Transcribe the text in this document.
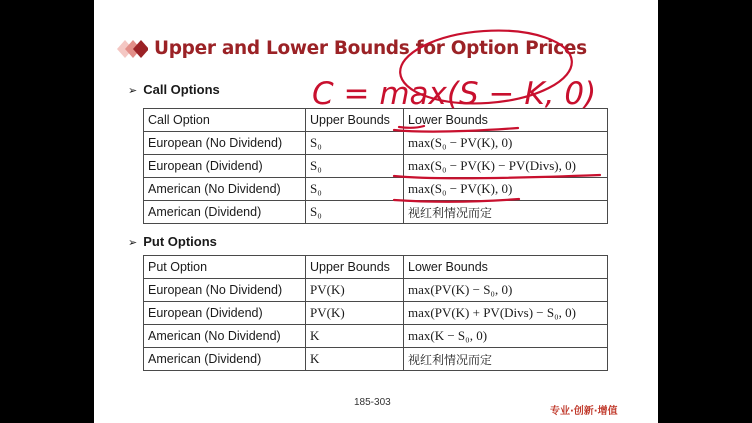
Upper and Lower Bounds for Option Prices
➢ Call Options
Call Option	Upper Bounds	Lower Bounds
European (No Dividend)	S₀	max(S₀ − PV(K), 0)
European (Dividend)	S₀	max(S₀ − PV(K) − PV(Divs), 0)
American (No Dividend)	S₀	max(S₀ − PV(K), 0)
American (Dividend)	S₀	视红利情况而定
➢ Put Options
Put Option	Upper Bounds	Lower Bounds
European (No Dividend)	PV(K)	max(PV(K) − S₀, 0)
European (Dividend)	PV(K)	max(PV(K) + PV(Divs) − S₀, 0)
American (No Dividend)	K	max(K − S₀, 0)
American (Dividend)	K	视红利情况而定
185-303
专业·创新·增值
C = max(S − K, 0)
